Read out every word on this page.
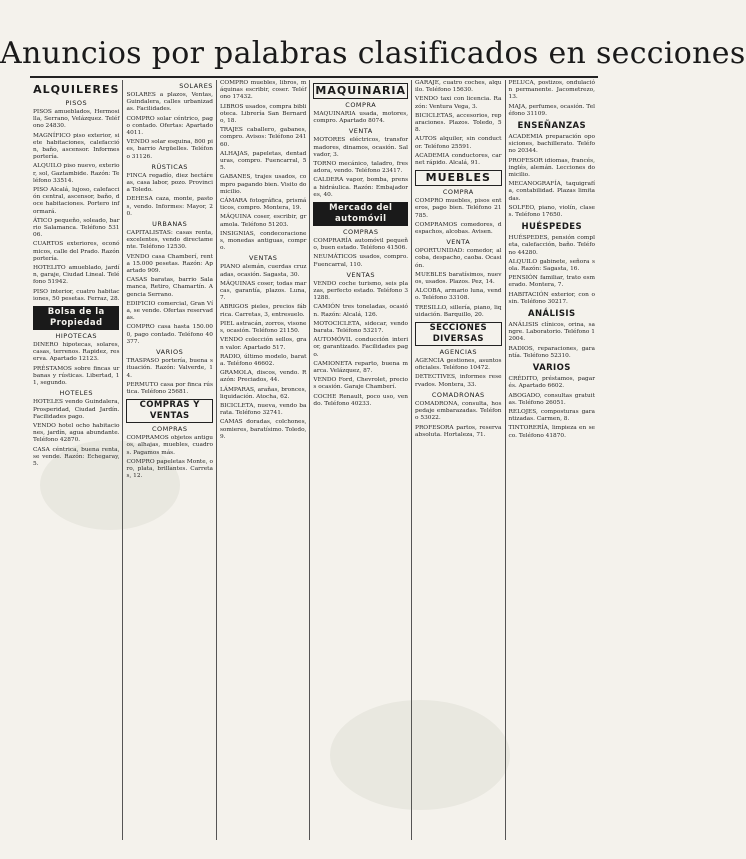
Anuncios por palabras clasificados en secciones
ALQUILERES
PISOS
PISOS amueblados, Hermosilla, Serrano, Velázquez. Teléfono 24830.
MAGNÍFICO piso exterior, siete habitaciones, calefacción, baño, ascensor. Informes portería.
ALQUILO piso nuevo, exterior, sol, Gaztambide. Razón: Teléfono 33514.
PISO Alcalá, lujoso, calefacción central, ascensor, baño, doce habitaciones. Portero informará.
ÁTICO pequeño, soleado, barrio Salamanca. Teléfono 53106.
CUARTOS exteriores, económicos, calle del Prado. Razón portería.
HOTELITO amueblado, jardín, garaje, Ciudad Lineal. Teléfono 51942.
PISO interior, cuatro habitaciones, 50 pesetas. Ferraz, 28.
Bolsa de la Propiedad
HIPOTECAS
DINERO hipotecas, solares, casas, terrenos. Rapidez, reserva. Apartado 12123.
PRÉSTAMOS sobre fincas urbanas y rústicas. Libertad, 11, segundo.
HOTELES
HOTELES vendo Guindalera, Prosperidad, Ciudad Jardín. Facilidades pago.
VENDO hotel ocho habitaciones, jardín, agua abundante. Teléfono 42870.
CASA céntrica, buena renta, se vende. Razón: Echegaray, 5.
SOLARES
SOLARES a plazos, Ventas, Guindalera, calles urbanizadas. Facilidades.
COMPRO solar céntrico, pago contado. Ofertas: Apartado 4011.
VENDO solar esquina, 800 pies, barrio Argüelles. Teléfono 31126.
RÚSTICAS
FINCA regadío, diez hectáreas, casa labor, pozo. Provincia Toledo.
DEHESA caza, monte, pastos, vendo. Informes: Mayor, 20.
URBANAS
CAPITALISTAS: casas renta, excelentes, vendo directamente. Teléfono 12530.
VENDO casa Chamberí, renta 15.000 pesetas. Razón: Apartado 909.
CASAS baratas, barrio Salamanca, Retiro, Chamartín. Agencia Serrano.
EDIFICIO comercial, Gran Vía, se vende. Ofertas reservadas.
COMPRO casa hasta 150.000, pago contado. Teléfono 40377.
VARIOS
TRASPASO portería, buena situación. Razón: Valverde, 14.
PERMUTO casa por finca rústica. Teléfono 25681.
COMPRAS Y VENTAS
COMPRAS
COMPRAMOS objetos antiguos, alhajas, muebles, cuadros. Pagamos más.
COMPRO papeletas Monte, oro, plata, brillantes. Carretas, 12.
COMPRO muebles, libros, máquinas escribir, coser. Teléfono 17432.
LIBROS usados, compra biblioteca. Librería San Bernardo, 18.
TRAJES caballero, gabanes, compro. Avisos: Teléfono 24160.
ALHAJAS, papeletas, dentaduras, compro. Fuencarral, 55.
GABANES, trajes usados, compro pagando bien. Visito domicilio.
CÁMARA fotográfica, prismáticos, compro. Montera, 19.
MÁQUINA coser, escribir, gramola. Teléfono 51203.
INSIGNIAS, condecoraciones, monedas antiguas, compro.
VENTAS
PIANO alemán, cuerdas cruzadas, ocasión. Sagasta, 30.
MÁQUINAS coser, todas marcas, garantía, plazos. Luna, 7.
ABRIGOS pieles, precios fábrica. Carretas, 3, entresuelo.
PIEL astracán, zorros, visones, ocasión. Teléfono 21150.
VENDO colección sellos, gran valor. Apartado 517.
RADIO, último modelo, barata. Teléfono 46602.
GRAMOLA, discos, vendo. Razón: Preciados, 44.
LÁMPARAS, arañas, bronces, liquidación. Atocha, 62.
BICICLETA, nueva, vendo barata. Teléfono 32741.
CAMAS doradas, colchones, somieres, baratísimo. Toledo, 9.
MAQUINARIA
COMPRA
MAQUINARIA usada, motores, compro. Apartado 8074.
VENTA
MOTORES eléctricos, transformadores, dinamos, ocasión. Salvador, 3.
TORNO mecánico, taladro, fresadora, vendo. Teléfono 23417.
CALDERA vapor, bomba, prensa hidráulica. Razón: Embajadores, 40.
Mercado del automóvil
COMPRAS
COMPRARÍA automóvil pequeño, buen estado. Teléfono 41506.
NEUMÁTICOS usados, compro. Fuencarral, 110.
VENTAS
VENDO coche turismo, seis plazas, perfecto estado. Teléfono 31288.
CAMIÓN tres toneladas, ocasión. Razón: Alcalá, 126.
MOTOCICLETA, sidecar, vendo barata. Teléfono 53217.
AUTOMÓVIL conducción interior, garantizado. Facilidades pago.
CAMIONETA reparto, buena marca. Velázquez, 87.
VENDO Ford, Chevrolet, precios ocasión. Garaje Chamberí.
COCHE Renault, poco uso, vendo. Teléfono 40233.
GARAJE, cuatro coches, alquilo. Teléfono 15630.
VENDO taxi con licencia. Razón: Ventura Vega, 3.
BICICLETAS, accesorios, reparaciones. Plazos. Toledo, 58.
AUTOS alquiler, sin conductor. Teléfono 25591.
ACADEMIA conductores, carnet rápido. Alcalá, 91.
MUEBLES
COMPRA
COMPRO muebles, pisos enteros, pago bien. Teléfono 21785.
COMPRAMOS comedores, despachos, alcobas. Avisen.
VENTA
OPORTUNIDAD: comedor, alcoba, despacho, caoba. Ocasión.
MUEBLES baratísimos, nuevos, usados. Plazos. Pez, 14.
ALCOBA, armario luna, vendo. Teléfono 33108.
TRESILLO, sillería, piano, liquidación. Barquillo, 20.
SECCIONES DIVERSAS
AGENCIAS
AGENCIA gestiones, asuntos oficiales. Teléfono 10472.
DETECTIVES, informes reservados. Montera, 33.
COMADRONAS
COMADRONA, consulta, hospedaje embarazadas. Teléfono 53022.
PROFESORA partos, reserva absoluta. Hortaleza, 71.
PELUCA, postizos, ondulación permanente. Jacometrezo, 13.
MAJA, perfumes, ocasión. Teléfono 31109.
ENSEÑANZAS
ACADEMIA preparación oposiciones, bachillerato. Teléfono 20344.
PROFESOR idiomas, francés, inglés, alemán. Lecciones domicilio.
MECANOGRAFÍA, taquigrafía, contabilidad. Plazas limitadas.
SOLFEO, piano, violín, clases. Teléfono 17650.
HUÉSPEDES
HUÉSPEDES, pensión completa, calefacción, baño. Teléfono 44280.
ALQUILO gabinete, señora sola. Razón: Sagasta, 16.
PENSIÓN familiar, trato esmerado. Montera, 7.
HABITACIÓN exterior, con o sin. Teléfono 30217.
ANÁLISIS
ANÁLISIS clínicos, orina, sangre. Laboratorio. Teléfono 12004.
RADIOS, reparaciones, garantía. Teléfono 52310.
VARIOS
CRÉDITO, préstamos, pagarés. Apartado 6602.
ABOGADO, consultas gratuitas. Teléfono 26051.
RELOJES, composturas garantizadas. Carmen, 8.
TINTORERÍA, limpieza en seco. Teléfono 41870.
